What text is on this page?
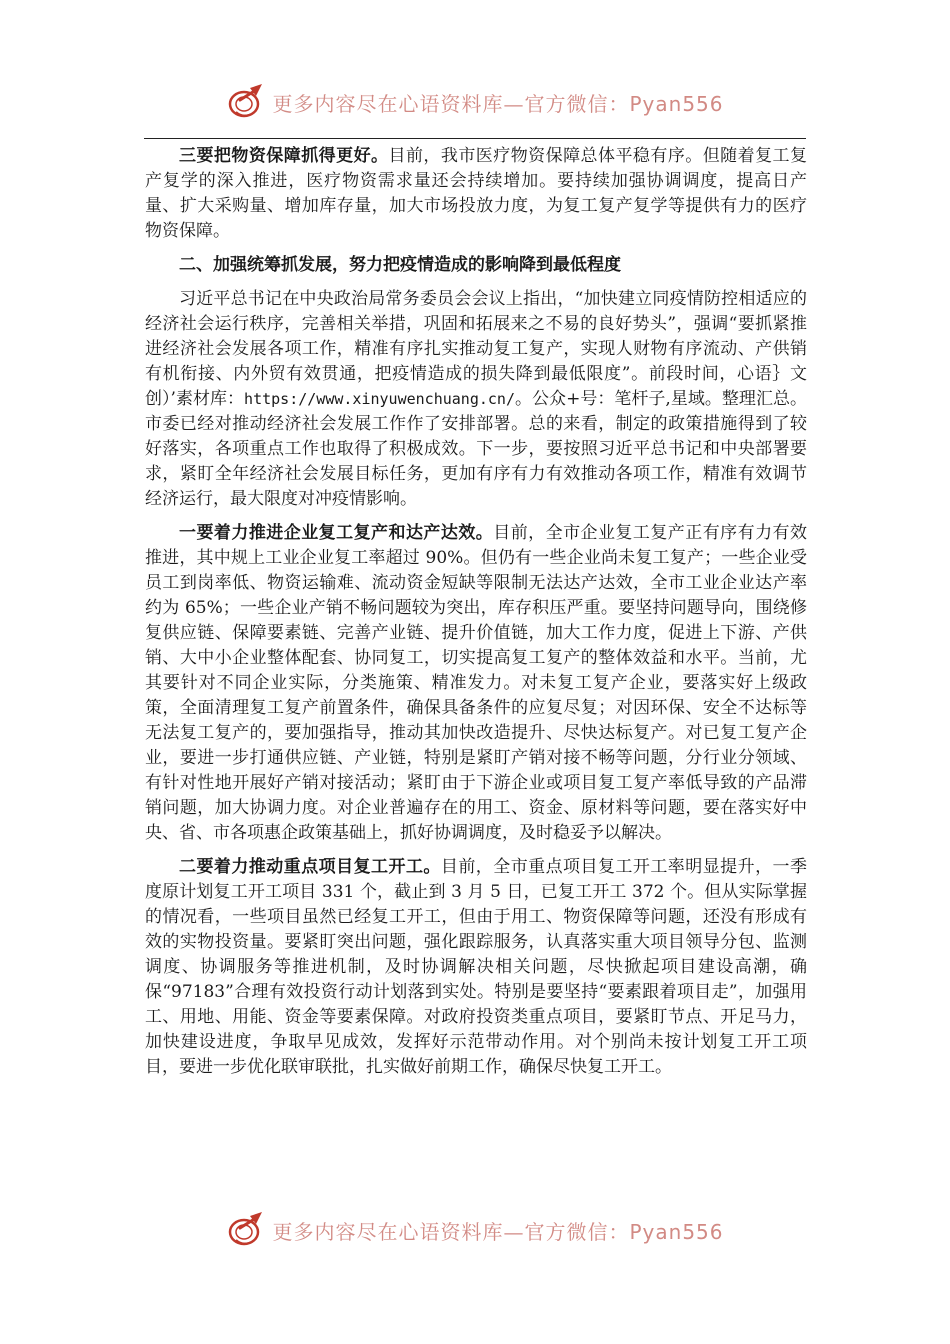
更多内容尽在心语资料库—官方微信：Pyan556

三要把物资保障抓得更好。目前，我市医疗物资保障总体平稳有序。但随着复工复产复学的深入推进，医疗物资需求量还会持续增加。要持续加强协调调度，提高日产量、扩大采购量、增加库存量，加大市场投放力度，为复工复产复学等提供有力的医疗物资保障。

二、加强统筹抓发展，努力把疫情造成的影响降到最低程度

习近平总书记在中央政治局常务委员会会议上指出，“加快建立同疫情防控相适应的经济社会运行秩序，完善相关举措，巩固和拓展来之不易的良好势头”，强调“要抓紧推进经济社会发展各项工作，精准有序扎实推动复工复产，实现人财物有序流动、产供销有机衔接、内外贸有效贯通，把疫情造成的损失降到最低限度”。前段时间，心语｝文创）’素材库：https://www.xinyuwenchuang.cn/。公众+号：笔杆子,星域。整理汇总。市委已经对推动经济社会发展工作作了安排部署。总的来看，制定的政策措施得到了较好落实，各项重点工作也取得了积极成效。下一步，要按照习近平总书记和中央部署要求，紧盯全年经济社会发展目标任务，更加有序有力有效推动各项工作，精准有效调节经济运行，最大限度对冲疫情影响。

一要着力推进企业复工复产和达产达效。目前，全市企业复工复产正有序有力有效推进，其中规上工业企业复工率超过 90%。但仍有一些企业尚未复工复产；一些企业受员工到岗率低、物资运输难、流动资金短缺等限制无法达产达效，全市工业企业达产率约为 65%；一些企业产销不畅问题较为突出，库存积压严重。要坚持问题导向，围绕修复供应链、保障要素链、完善产业链、提升价值链，加大工作力度，促进上下游、产供销、大中小企业整体配套、协同复工，切实提高复工复产的整体效益和水平。当前，尤其要针对不同企业实际，分类施策、精准发力。对未复工复产企业，要落实好上级政策，全面清理复工复产前置条件，确保具备条件的应复尽复；对因环保、安全不达标等无法复工复产的，要加强指导，推动其加快改造提升、尽快达标复产。对已复工复产企业，要进一步打通供应链、产业链，特别是紧盯产销对接不畅等问题，分行业分领域、有针对性地开展好产销对接活动；紧盯由于下游企业或项目复工复产率低导致的产品滞销问题，加大协调力度。对企业普遍存在的用工、资金、原材料等问题，要在落实好中央、省、市各项惠企政策基础上，抓好协调调度，及时稳妥予以解决。

二要着力推动重点项目复工开工。目前，全市重点项目复工开工率明显提升，一季度原计划复工开工项目 331 个，截止到 3 月 5 日，已复工开工 372 个。但从实际掌握的情况看，一些项目虽然已经复工开工，但由于用工、物资保障等问题，还没有形成有效的实物投资量。要紧盯突出问题，强化跟踪服务，认真落实重大项目领导分包、监测调度、协调服务等推进机制，及时协调解决相关问题，尽快掀起项目建设高潮，确保“97183”合理有效投资行动计划落到实处。特别是要坚持“要素跟着项目走”，加强用工、用地、用能、资金等要素保障。对政府投资类重点项目，要紧盯节点、开足马力，加快建设进度，争取早见成效，发挥好示范带动作用。对个别尚未按计划复工开工项目，要进一步优化联审联批，扎实做好前期工作，确保尽快复工开工。

更多内容尽在心语资料库—官方微信：Pyan556
